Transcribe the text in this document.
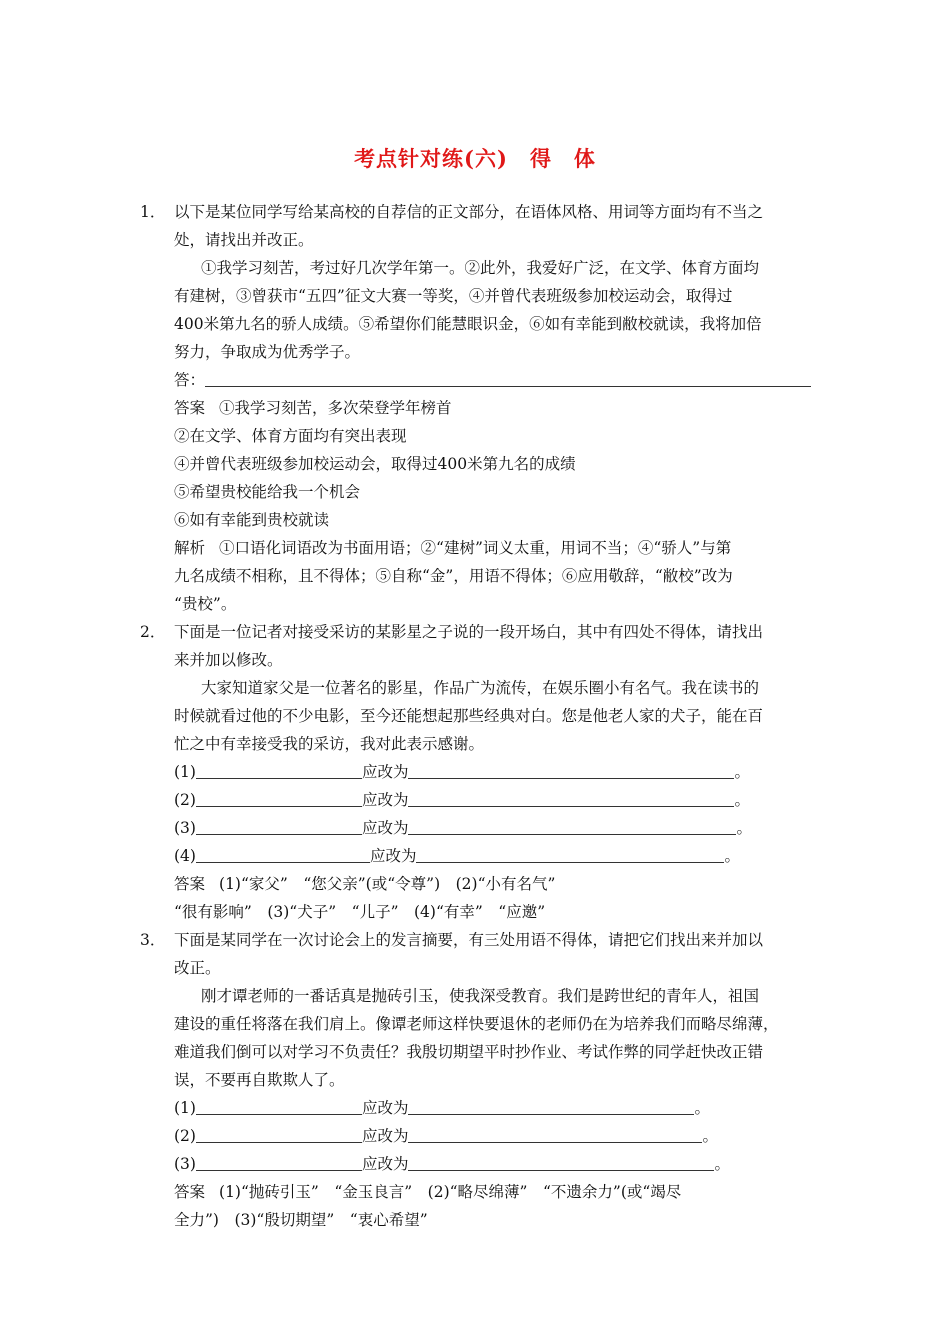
考点针对练(六) 得　体
1． 以下是某位同学写给某高校的自荐信的正文部分，在语体风格、用词等方面均有不当之
处，请找出并改正。
①我学习刻苦，考过好几次学年第一。②此外，我爱好广泛，在文学、体育方面均
有建树，③曾获市“五四”征文大赛一等奖，④并曾代表班级参加校运动会，取得过
400米第九名的骄人成绩。⑤希望你们能慧眼识金，⑥如有幸能到敝校就读，我将加倍
努力，争取成为优秀学子。
答：
答案 ①我学习刻苦，多次荣登学年榜首
②在文学、体育方面均有突出表现
④并曾代表班级参加校运动会，取得过400米第九名的成绩
⑤希望贵校能给我一个机会
⑥如有幸能到贵校就读
解析 ①口语化词语改为书面用语；②“建树”词义太重，用词不当；④“骄人”与第
九名成绩不相称，且不得体；⑤自称“金”，用语不得体；⑥应用敬辞，“敝校”改为
“贵校”。
2． 下面是一位记者对接受采访的某影星之子说的一段开场白，其中有四处不得体，请找出
来并加以修改。
大家知道家父是一位著名的影星，作品广为流传，在娱乐圈小有名气。我在读书的
时候就看过他的不少电影，至今还能想起那些经典对白。您是他老人家的犬子，能在百
忙之中有幸接受我的采访，我对此表示感谢。
(1)	应改为	。
(2)	应改为	。
(3)	应改为	。
(4)	应改为	。
答案 (1)“家父”　“您父亲”(或“令尊”)　(2)“小有名气”
“很有影响”　(3)“犬子”　“儿子”　(4)“有幸”　“应邀”
3． 下面是某同学在一次讨论会上的发言摘要，有三处用语不得体，请把它们找出来并加以
改正。
刚才谭老师的一番话真是抛砖引玉，使我深受教育。我们是跨世纪的青年人，祖国
建设的重任将落在我们肩上。像谭老师这样快要退休的老师仍在为培养我们而略尽绵薄，
难道我们倒可以对学习不负责任？我殷切期望平时抄作业、考试作弊的同学赶快改正错
误，不要再自欺欺人了。
(1)	应改为	。
(2)	应改为	。
(3)	应改为	。
答案 (1)“抛砖引玉”　“金玉良言”　(2)“略尽绵薄”　“不遗余力”(或“竭尽
全力”)　(3)“殷切期望”　“衷心希望”
